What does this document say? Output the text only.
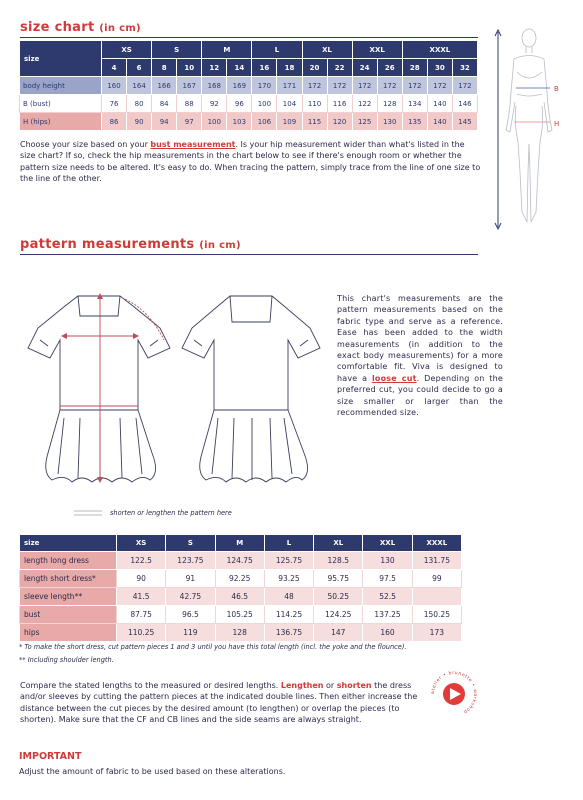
size chart (in cm)
size	XS		S		M		L		XL		XXL		XXXL		
	4	6	8	10	12	14	16	18	20	22	24	26	28	30	32
body height	160	164	166	167	168	169	170	171	172	172	172	172	172	172	172
B (bust)	76	80	84	88	92	96	100	104	110	116	122	128	134	140	146
H (hips)	86	90	94	97	100	103	106	109	115	120	125	130	135	140	145
Choose your size based on your bust measurement. Is your hip measurement wider than what's listed in the size chart? If so, check the hip measurements in the chart below to see if there's enough room or whether the pattern size needs to be altered. It's easy to do. When tracing the pattern, simply trace from the line of one size to the line of the other.
B
H
pattern measurements (in cm)
shorten or lengthen the pattern here
This chart's measurements are the pattern measurements based on the fabric type and serve as a reference. Ease has been added to the width measurements (in addition to the exact body measurements) for a more comfortable fit. Viva is designed to have a loose cut. Depending on the preferred cut, you could decide to go a size smaller or larger than the recommended size.
size	XS	S	M	L	XL	XXL	XXXL
length long dress	122.5	123.75	124.75	125.75	128.5	130	131.75
length short dress*	90	91	92.25	93.25	95.75	97.5	99
sleeve length**	41.5	42.75	46.5	48	50.25	52.5	
bust	87.75	96.5	105.25	114.25	124.25	137.25	150.25
hips	110.25	119	128	136.75	147	160	173
* To make the short dress, cut pattern pieces 1 and 3 until you have this total length (incl. the yoke and the flounce).
** Including shoulder length.
Compare the stated lengths to the measured or desired lengths. Lengthen or shorten the dress and/or sleeves by cutting the pattern pieces at the indicated double lines. Then either increase the distance between the cut pieces by the desired amount (to lengthen) or overlap the pieces (to shorten). Make sure that the CF and CB lines and the side seams are always straight.
atelier • brunette • workshop
IMPORTANT
Adjust the amount of fabric to be used based on these alterations.
